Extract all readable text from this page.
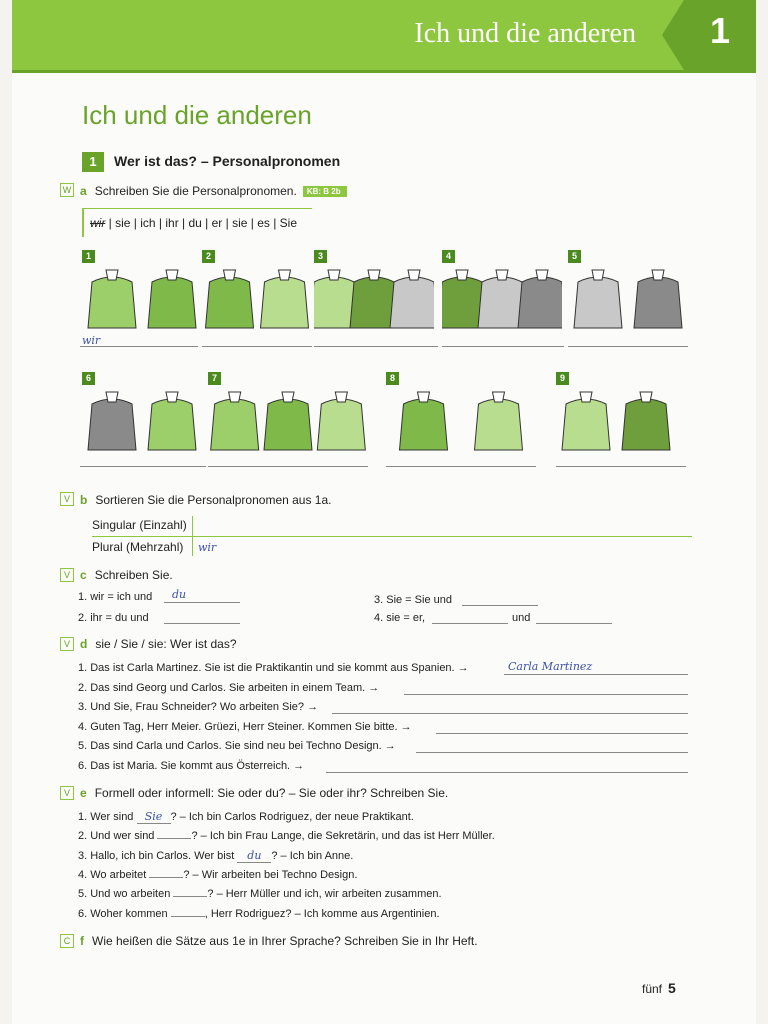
Ich und die anderen	1
Ich und die anderen
1	Wer ist das? – Personalpronomen
W a Schreiben Sie die Personalpronomen. KB: B 2b
wir | sie | ich | ihr | du | er | sie | es | Sie
1	2	3	4	5
6	7	8	9
wir
V b Sortieren Sie die Personalpronomen aus 1a.
Singular (Einzahl)
Plural (Mehrzahl) wir
V c Schreiben Sie.
1. wir = ich und du
2. ihr = du und
3. Sie = Sie und
4. sie = er,	und
V d sie / Sie / sie: Wer ist das?
1. Das ist Carla Martinez. Sie ist die Praktikantin und sie kommt aus Spanien. →
2. Das sind Georg und Carlos. Sie arbeiten in einem Team. →
3. Und Sie, Frau Schneider? Wo arbeiten Sie? →
4. Guten Tag, Herr Meier. Grüezi, Herr Steiner. Kommen Sie bitte. →
5. Das sind Carla und Carlos. Sie sind neu bei Techno Design. →
6. Das ist Maria. Sie kommt aus Österreich. →
Carla Martinez
V e Formell oder informell: Sie oder du? – Sie oder ihr? Schreiben Sie.
1. Wer sind Sie ? – Ich bin Carlos Rodriguez, der neue Praktikant.
2. Und wer sind	? – Ich bin Frau Lange, die Sekretärin, und das ist Herr Müller.
3. Hallo, ich bin Carlos. Wer bist du ? – Ich bin Anne.
4. Wo arbeitet	? – Wir arbeiten bei Techno Design.
5. Und wo arbeiten	? – Herr Müller und ich, wir arbeiten zusammen.
6. Woher kommen	, Herr Rodriguez? – Ich komme aus Argentinien.
C f Wie heißen die Sätze aus 1e in Ihrer Sprache? Schreiben Sie in Ihr Heft.
fünf 5
